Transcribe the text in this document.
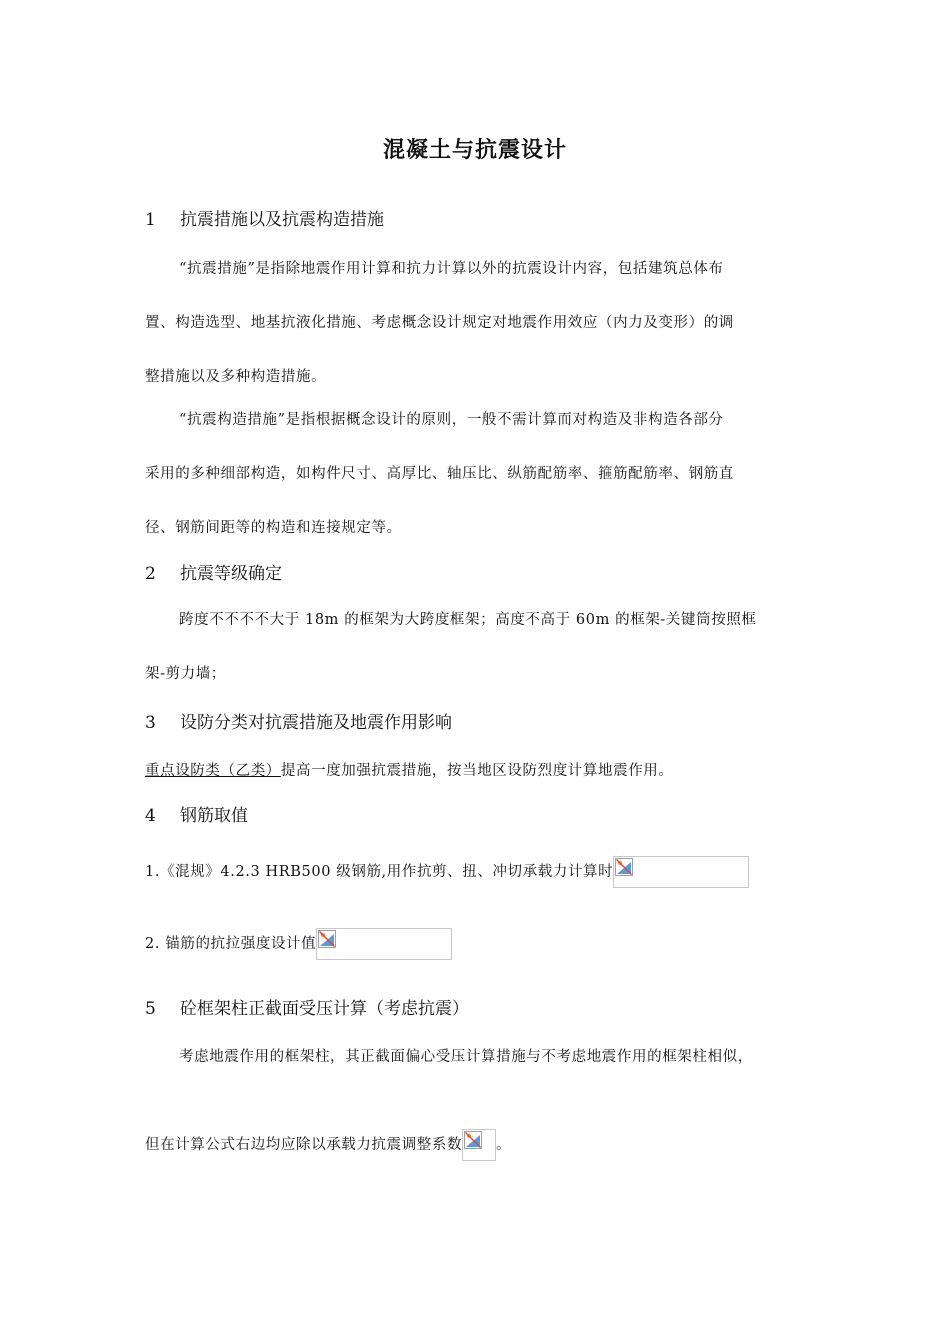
混凝土与抗震设计
1 抗震措施以及抗震构造措施
“抗震措施”是指除地震作用计算和抗力计算以外的抗震设计内容，包括建筑总体布
置、构造选型、地基抗液化措施、考虑概念设计规定对地震作用效应（内力及变形）的调
整措施以及多种构造措施。
“抗震构造措施”是指根据概念设计的原则，一般不需计算而对构造及非构造各部分
采用的多种细部构造，如构件尺寸、高厚比、轴压比、纵筋配筋率、箍筋配筋率、钢筋直
径、钢筋间距等的构造和连接规定等。
2 抗震等级确定
跨度不不不不大于 18m 的框架为大跨度框架；高度不高于 60m 的框架-关键筒按照框
架-剪力墙；
3 设防分类对抗震措施及地震作用影响
重点设防类（乙类）提高一度加强抗震措施，按当地区设防烈度计算地震作用。
4 钢筋取值
1.《混规》4.2.3 HRB500 级钢筋,用作抗剪、扭、冲切承载力计算时
2. 锚筋的抗拉强度设计值
5 砼框架柱正截面受压计算（考虑抗震）
考虑地震作用的框架柱，其正截面偏心受压计算措施与不考虑地震作用的框架柱相似，
但在计算公式右边均应除以承载力抗震调整系数 。
